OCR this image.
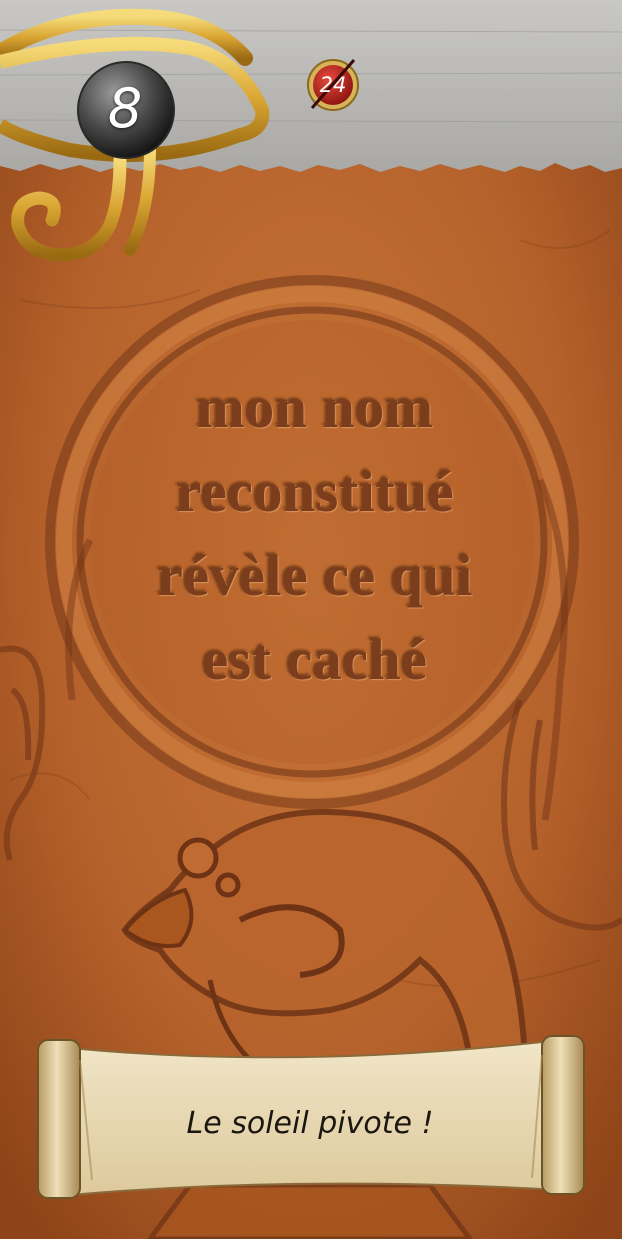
8	24
mon nom
reconstitué
révèle ce qui
est caché
Le soleil pivote !
